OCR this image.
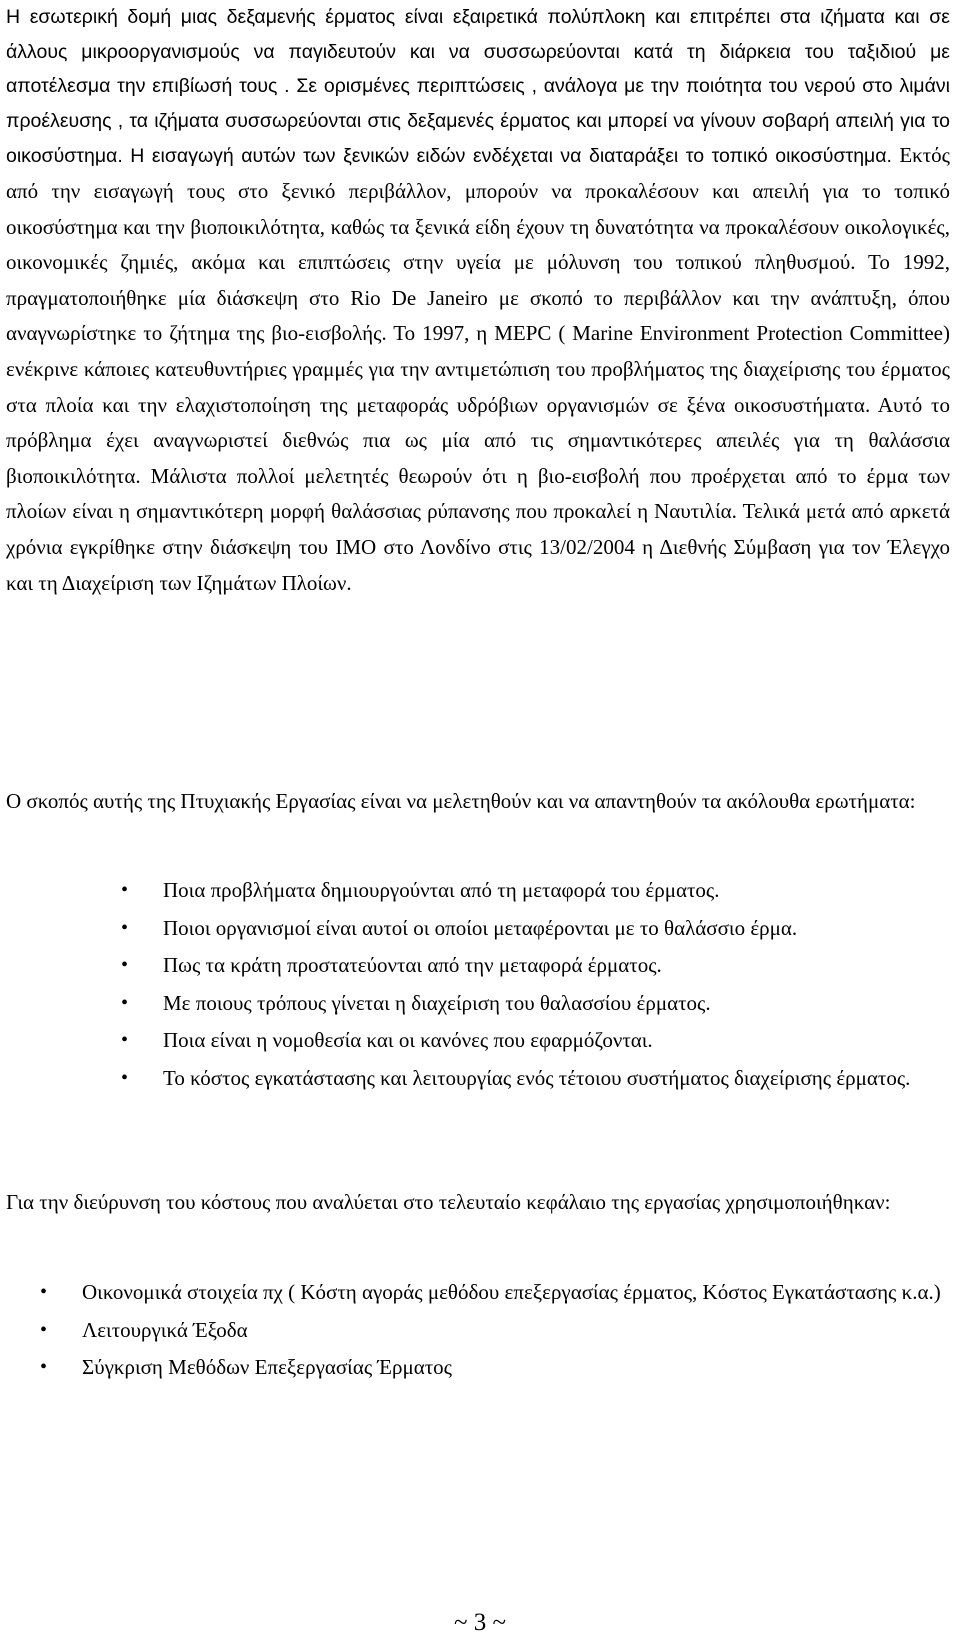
Η εσωτερική δομή μιας δεξαμενής έρματος είναι εξαιρετικά πολύπλοκη και επιτρέπει στα ιζήματα και σε άλλους μικροοργανισμούς να παγιδευτούν και να συσσωρεύονται κατά τη διάρκεια του ταξιδιού με αποτέλεσμα την επιβίωσή τους . Σε ορισμένες περιπτώσεις , ανάλογα με την ποιότητα του νερού στο λιμάνι προέλευσης , τα ιζήματα συσσωρεύονται στις δεξαμενές έρματος και μπορεί να γίνουν σοβαρή απειλή για το οικοσύστημα. Η εισαγωγή αυτών των ξενικών ειδών ενδέχεται να διαταράξει το τοπικό οικοσύστημα. Εκτός από την εισαγωγή τους στο ξενικό περιβάλλον, μπορούν να προκαλέσουν και απειλή για το τοπικό οικοσύστημα και την βιοποικιλότητα, καθώς τα ξενικά είδη έχουν τη δυνατότητα να προκαλέσουν οικολογικές, οικονομικές ζημιές, ακόμα και επιπτώσεις στην υγεία με μόλυνση του τοπικού πληθυσμού. Το 1992, πραγματοποιήθηκε μία διάσκεψη στο Rio De Janeiro με σκοπό το περιβάλλον και την ανάπτυξη, όπου αναγνωρίστηκε το ζήτημα της βιο-εισβολής. Το 1997, η MEPC ( Marine Environment Protection Committee) ενέκρινε κάποιες κατευθυντήριες γραμμές για την αντιμετώπιση του προβλήματος της διαχείρισης του έρματος στα πλοία και την ελαχιστοποίηση της μεταφοράς υδρόβιων οργανισμών σε ξένα οικοσυστήματα. Αυτό το πρόβλημα έχει αναγνωριστεί διεθνώς πια ως μία από τις σημαντικότερες απειλές για τη θαλάσσια βιοποικιλότητα. Μάλιστα πολλοί μελετητές θεωρούν ότι η βιο-εισβολή που προέρχεται από το έρμα των πλοίων είναι η σημαντικότερη μορφή θαλάσσιας ρύπανσης που προκαλεί η Ναυτιλία. Τελικά μετά από αρκετά χρόνια εγκρίθηκε στην διάσκεψη του IMO στο Λονδίνο στις 13/02/2004 η Διεθνής Σύμβαση για τον Έλεγχο και τη Διαχείριση των Ιζημάτων Πλοίων.

Ο σκοπός αυτής της Πτυχιακής Εργασίας είναι να μελετηθούν και να απαντηθούν τα ακόλουθα ερωτήματα:

• Ποια προβλήματα δημιουργούνται από τη μεταφορά του έρματος.
• Ποιοι οργανισμοί είναι αυτοί οι οποίοι μεταφέρονται με το θαλάσσιο έρμα.
• Πως τα κράτη προστατεύονται από την μεταφορά έρματος.
• Με ποιους τρόπους γίνεται η διαχείριση του θαλασσίου έρματος.
• Ποια είναι η νομοθεσία και οι κανόνες που εφαρμόζονται.
• Το κόστος εγκατάστασης και λειτουργίας ενός τέτοιου συστήματος διαχείρισης έρματος.

Για την διεύρυνση του κόστους που αναλύεται στο τελευταίο κεφάλαιο της εργασίας χρησιμοποιήθηκαν:

• Οικονομικά στοιχεία πχ ( Κόστη αγοράς μεθόδου επεξεργασίας έρματος, Κόστος Εγκατάστασης κ.α.)
• Λειτουργικά Έξοδα
• Σύγκριση Μεθόδων Επεξεργασίας Έρματος
~ 3 ~
